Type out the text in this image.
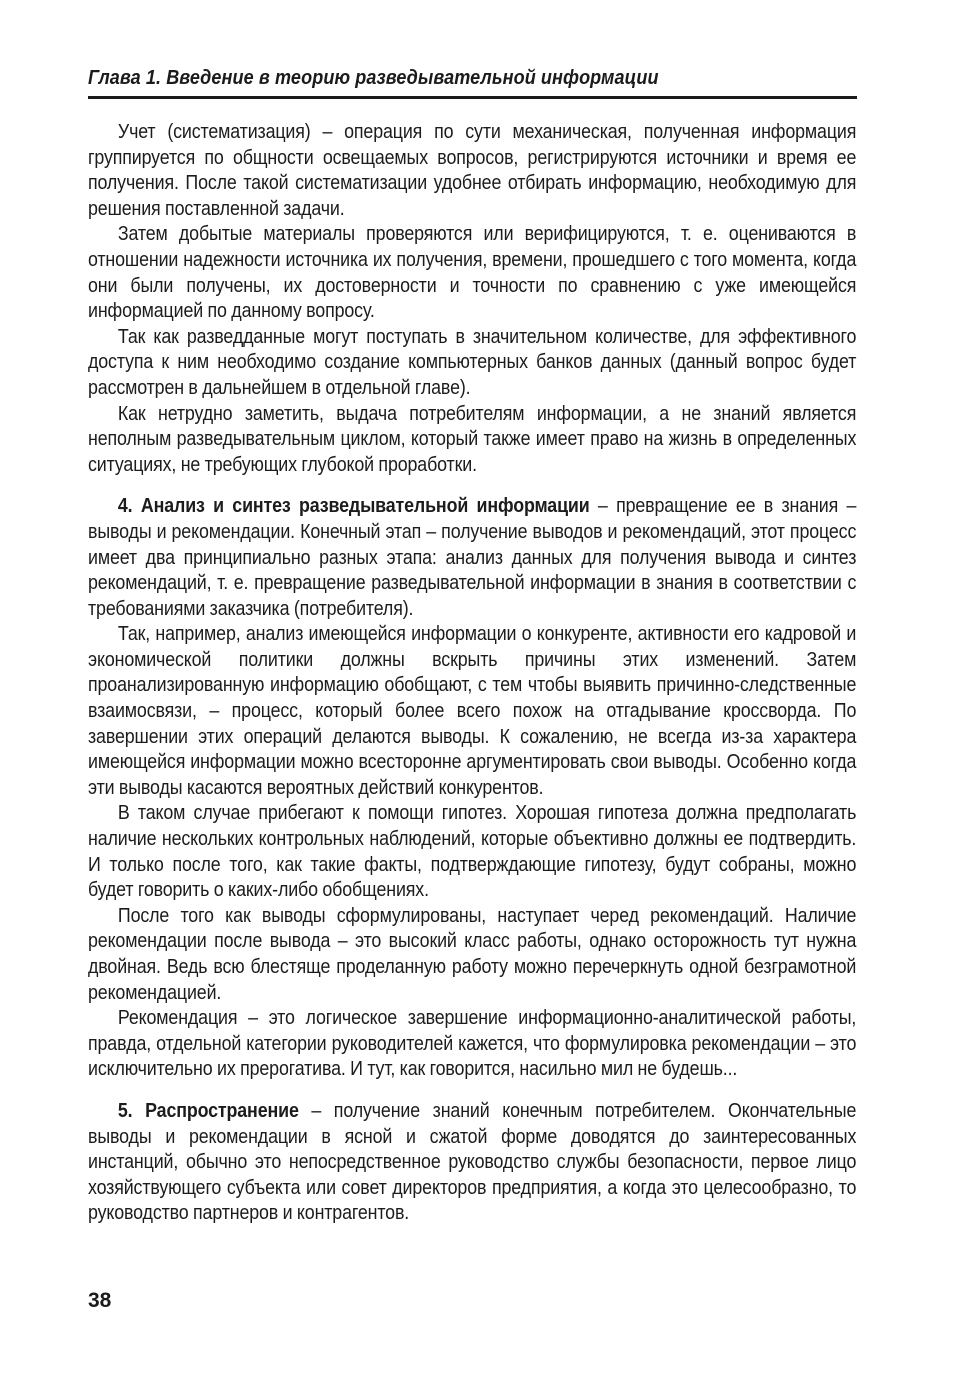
Глава 1. Введение в теорию разведывательной информации

Учет (систематизация) – операция по сути механическая, полученная информация группируется по общности освещаемых вопросов, регистрируются источники и время ее получения. После такой систематизации удобнее отбирать информацию, необходимую для решения поставленной задачи.

Затем добытые материалы проверяются или верифицируются, т. е. оцениваются в отношении надежности источника их получения, времени, прошедшего с того момента, когда они были получены, их достоверности и точности по сравнению с уже имеющейся информацией по данному вопросу.

Так как разведданные могут поступать в значительном количестве, для эффективного доступа к ним необходимо создание компьютерных банков данных (данный вопрос будет рассмотрен в дальнейшем в отдельной главе).

Как нетрудно заметить, выдача потребителям информации, а не знаний является неполным разведывательным циклом, который также имеет право на жизнь в определенных ситуациях, не требующих глубокой проработки.

4. Анализ и синтез разведывательной информации – превращение ее в знания – выводы и рекомендации. Конечный этап – получение выводов и рекомендаций, этот процесс имеет два принципиально разных этапа: анализ данных для получения вывода и синтез рекомендаций, т. е. превращение разведывательной информации в знания в соответствии с требованиями заказчика (потребителя).

Так, например, анализ имеющейся информации о конкуренте, активности его кадровой и экономической политики должны вскрыть причины этих изменений. Затем проанализированную информацию обобщают, с тем чтобы выявить причинно-следственные взаимосвязи, – процесс, который более всего похож на отгадывание кроссворда. По завершении этих операций делаются выводы. К сожалению, не всегда из-за характера имеющейся информации можно всесторонне аргументировать свои выводы. Особенно когда эти выводы касаются вероятных действий конкурентов.

В таком случае прибегают к помощи гипотез. Хорошая гипотеза должна предполагать наличие нескольких контрольных наблюдений, которые объективно должны ее подтвердить. И только после того, как такие факты, подтверждающие гипотезу, будут собраны, можно будет говорить о каких-либо обобщениях.

После того как выводы сформулированы, наступает черед рекомендаций. Наличие рекомендации после вывода – это высокий класс работы, однако осторожность тут нужна двойная. Ведь всю блестяще проделанную работу можно перечеркнуть одной безграмотной рекомендацией.

Рекомендация – это логическое завершение информационно-аналитической работы, правда, отдельной категории руководителей кажется, что формулировка рекомендации – это исключительно их прерогатива. И тут, как говорится, насильно мил не будешь...

5. Распространение – получение знаний конечным потребителем. Окончательные выводы и рекомендации в ясной и сжатой форме доводятся до заинтересованных инстанций, обычно это непосредственное руководство службы безопасности, первое лицо хозяйствующего субъекта или совет директоров предприятия, а когда это целесообразно, то руководство партнеров и контрагентов.

38
